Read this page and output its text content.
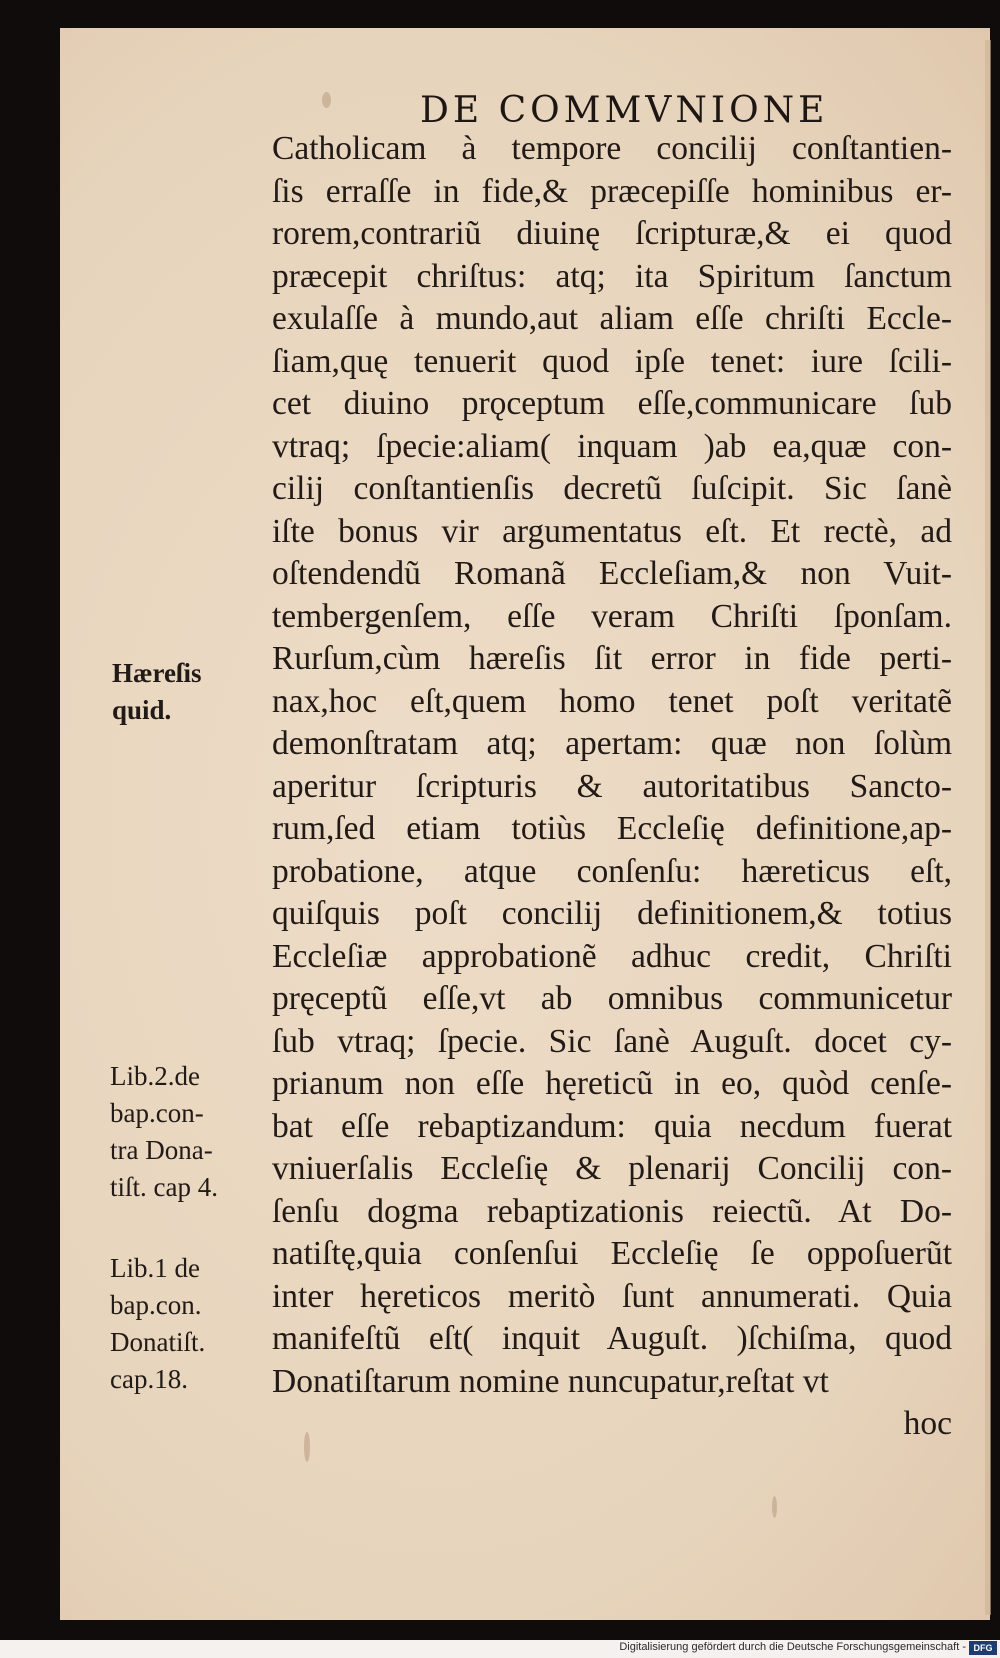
DE COMMVNIONE
Catholicam à tempore concilij conſtantien-
ſis erraſſe in fide,& præcepiſſe hominibus er-
rorem,contrariũ diuinę ſcripturæ,& ei quod
præcepit chriſtus: atq; ita Spiritum ſanctum
exulaſſe à mundo,aut aliam eſſe chriſti Eccle-
ſiam,quę tenuerit quod ipſe tenet: iure ſcili-
cet diuino prǫceptum eſſe,communicare ſub
vtraq; ſpecie:aliam( inquam )ab ea,quæ con-
cilij conſtantienſis decretũ ſuſcipit. Sic ſanè
iſte bonus vir argumentatus eſt. Et rectè, ad
oſtendendũ Romanã Eccleſiam,& non Vuit-
tembergenſem, eſſe veram Chriſti ſponſam.
Rurſum,cùm hæreſis ſit error in fide perti-
nax,hoc eſt,quem homo tenet poſt veritatẽ
demonſtratam atq; apertam: quæ non ſolùm
aperitur ſcripturis & autoritatibus Sancto-
rum,ſed etiam totiùs Eccleſię definitione,ap-
probatione, atque conſenſu: hæreticus eſt,
quiſquis poſt concilij definitionem,& totius
Eccleſiæ approbationẽ adhuc credit, Chriſti
pręceptũ eſſe,vt ab omnibus communicetur
ſub vtraq; ſpecie. Sic ſanè Auguſt. docet cy-
prianum non eſſe hęreticũ in eo, quòd cenſe-
bat eſſe rebaptizandum: quia necdum fuerat
vniuerſalis Eccleſię & plenarij Concilij con-
ſenſu dogma rebaptizationis reiectũ. At Do-
natiſtę,quia conſenſui Eccleſię ſe oppoſuerũt
inter hęreticos meritò ſunt annumerati. Quia
manifeſtũ eſt( inquit Auguſt. )ſchiſma, quod
Donatiſtarum nomine nuncupatur,reſtat vt
hoc
Hæreſis
quid.
Lib.2.de
bap.con-
tra Dona-
tiſt. cap 4.
Lib.1 de
bap.con.
Donatiſt.
cap.18.
Digitalisierung gefördert durch die Deutsche Forschungsgemeinschaft - DFG
